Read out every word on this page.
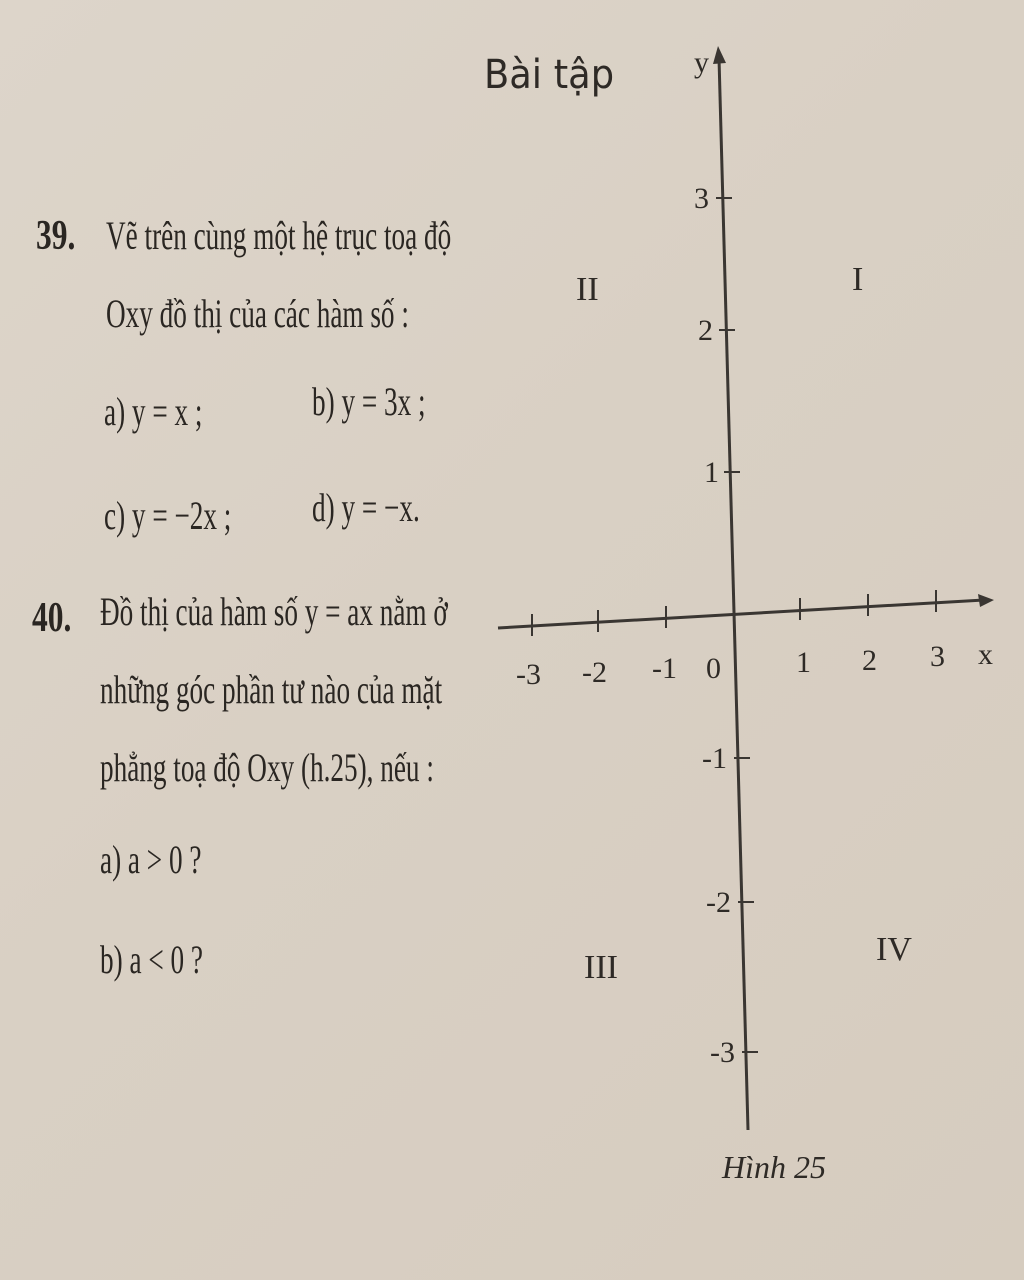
Bài tập
39. Vẽ trên cùng một hệ trục toạ độ
Oxy đồ thị của các hàm số :
a) y = x ;	b) y = 3x ;
c) y = −2x ; d) y = −x.
40. Đồ thị của hàm số y = ax nằm ở
những góc phần tư nào của mặt
phẳng toạ độ Oxy (h.25), nếu :
a) a > 0 ?
b) a < 0 ?
-3 -2 -1	1 2 3 x
0
y
3
2
1
-1
-2
-3
I
II
III	IV
Hình 25
